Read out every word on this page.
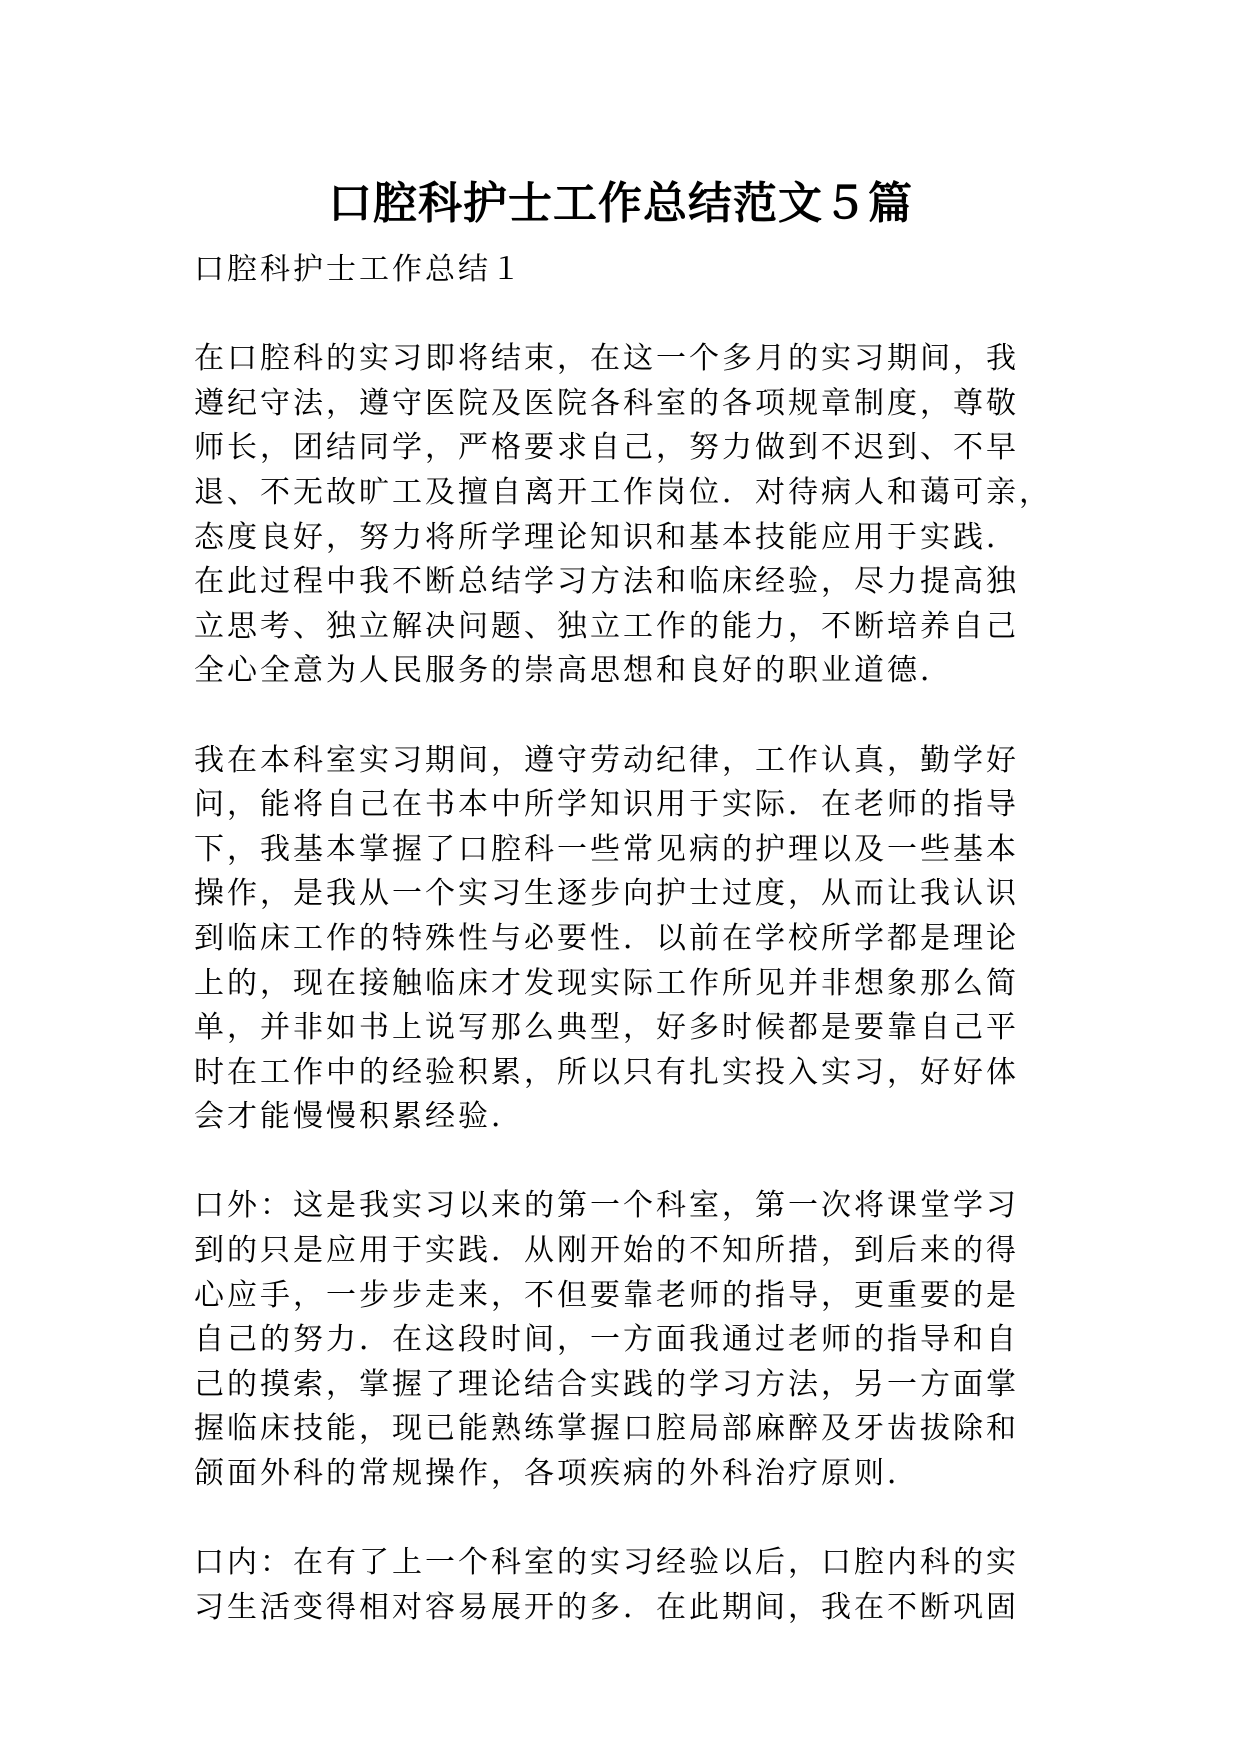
口腔科护士工作总结范文５篇
口腔科护士工作总结１
在口腔科的实习即将结束，在这一个多月的实习期间，我
遵纪守法，遵守医院及医院各科室的各项规章制度，尊敬
师长，团结同学，严格要求自己，努力做到不迟到、不早
退、不无故旷工及擅自离开工作岗位．对待病人和蔼可亲，
态度良好，努力将所学理论知识和基本技能应用于实践．
在此过程中我不断总结学习方法和临床经验，尽力提高独
立思考、独立解决问题、独立工作的能力，不断培养自己
全心全意为人民服务的崇高思想和良好的职业道德．
我在本科室实习期间，遵守劳动纪律，工作认真，勤学好
问，能将自己在书本中所学知识用于实际．在老师的指导
下，我基本掌握了口腔科一些常见病的护理以及一些基本
操作，是我从一个实习生逐步向护士过度，从而让我认识
到临床工作的特殊性与必要性．以前在学校所学都是理论
上的，现在接触临床才发现实际工作所见并非想象那么简
单，并非如书上说写那么典型，好多时候都是要靠自己平
时在工作中的经验积累，所以只有扎实投入实习，好好体
会才能慢慢积累经验．
口外：这是我实习以来的第一个科室，第一次将课堂学习
到的只是应用于实践．从刚开始的不知所措，到后来的得
心应手，一步步走来，不但要靠老师的指导，更重要的是
自己的努力．在这段时间，一方面我通过老师的指导和自
己的摸索，掌握了理论结合实践的学习方法，另一方面掌
握临床技能，现已能熟练掌握口腔局部麻醉及牙齿拔除和
颌面外科的常规操作，各项疾病的外科治疗原则．
口内：在有了上一个科室的实习经验以后，口腔内科的实
习生活变得相对容易展开的多．在此期间，我在不断巩固
